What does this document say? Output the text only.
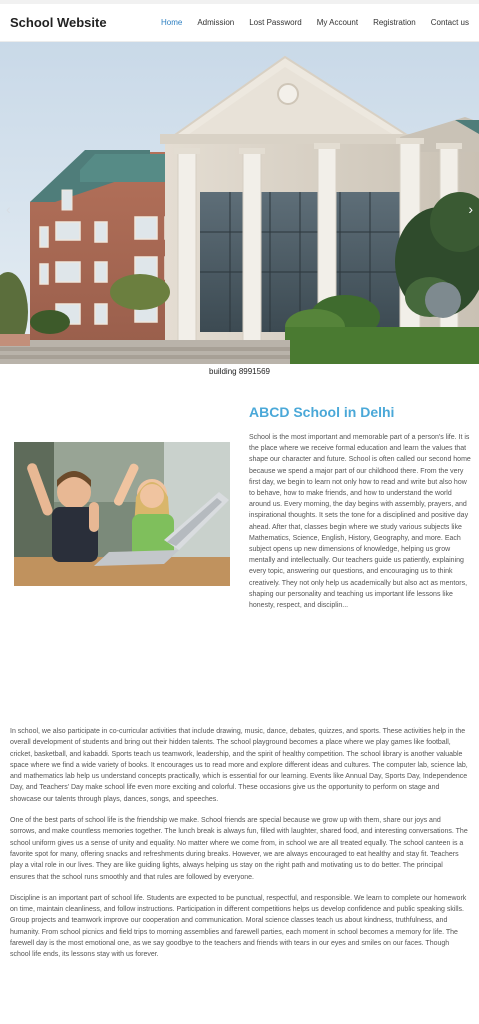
School Website	Home Admission Lost Password My Account Registration Contact us
‹	›
building 8991569
ABCD School in Delhi
School is the most important and memorable part of a person's life. It is the place where we receive formal education and learn the values that shape our character and future. School is often called our second home because we spend a major part of our childhood there. From the very first day, we begin to learn not only how to read and write but also how to behave, how to make friends, and how to understand the world around us. Every morning, the day begins with assembly, prayers, and inspirational thoughts. It sets the tone for a disciplined and positive day ahead. After that, classes begin where we study various subjects like Mathematics, Science, English, History, Geography, and more. Each subject opens up new dimensions of knowledge, helping us grow mentally and intellectually. Our teachers guide us patiently, explaining every topic, answering our questions, and encouraging us to think creatively. They not only help us academically but also act as mentors, shaping our personality and teaching us important life lessons like honesty, respect, and disciplin...

In school, we also participate in co-curricular activities that include drawing, music, dance, debates, quizzes, and sports. These activities help in the overall development of students and bring out their hidden talents. The school playground becomes a place where we play games like football, cricket, basketball, and kabaddi. Sports teach us teamwork, leadership, and the spirit of healthy competition. The school library is another valuable space where we find a wide variety of books. It encourages us to read more and explore different ideas and cultures. The computer lab, science lab, and mathematics lab help us understand concepts practically, which is essential for our learning. Events like Annual Day, Sports Day, Independence Day, and Teachers' Day make school life even more exciting and colorful. These occasions give us the opportunity to perform on stage and showcase our talents through plays, dances, songs, and speeches.

One of the best parts of school life is the friendship we make. School friends are special because we grow up with them, share our joys and sorrows, and make countless memories together. The lunch break is always fun, filled with laughter, shared food, and interesting conversations. The school uniform gives us a sense of unity and equality. No matter where we come from, in school we are all treated equally. The school canteen is a favorite spot for many, offering snacks and refreshments during breaks. However, we are always encouraged to eat healthy and stay fit. Teachers play a vital role in our lives. They are like guiding lights, always helping us stay on the right path and motivating us to do better. The principal ensures that the school runs smoothly and that rules are followed by everyone.

Discipline is an important part of school life. Students are expected to be punctual, respectful, and responsible. We learn to complete our homework on time, maintain cleanliness, and follow instructions. Participation in different competitions helps us develop confidence and public speaking skills. Group projects and teamwork improve our cooperation and communication. Moral science classes teach us about kindness, truthfulness, and humanity. From school picnics and field trips to morning assemblies and farewell parties, each moment in school becomes a memory for life. The farewell day is the most emotional one, as we say goodbye to the teachers and friends with tears in our eyes and smiles on our faces. Though school life ends, its lessons stay with us forever.
